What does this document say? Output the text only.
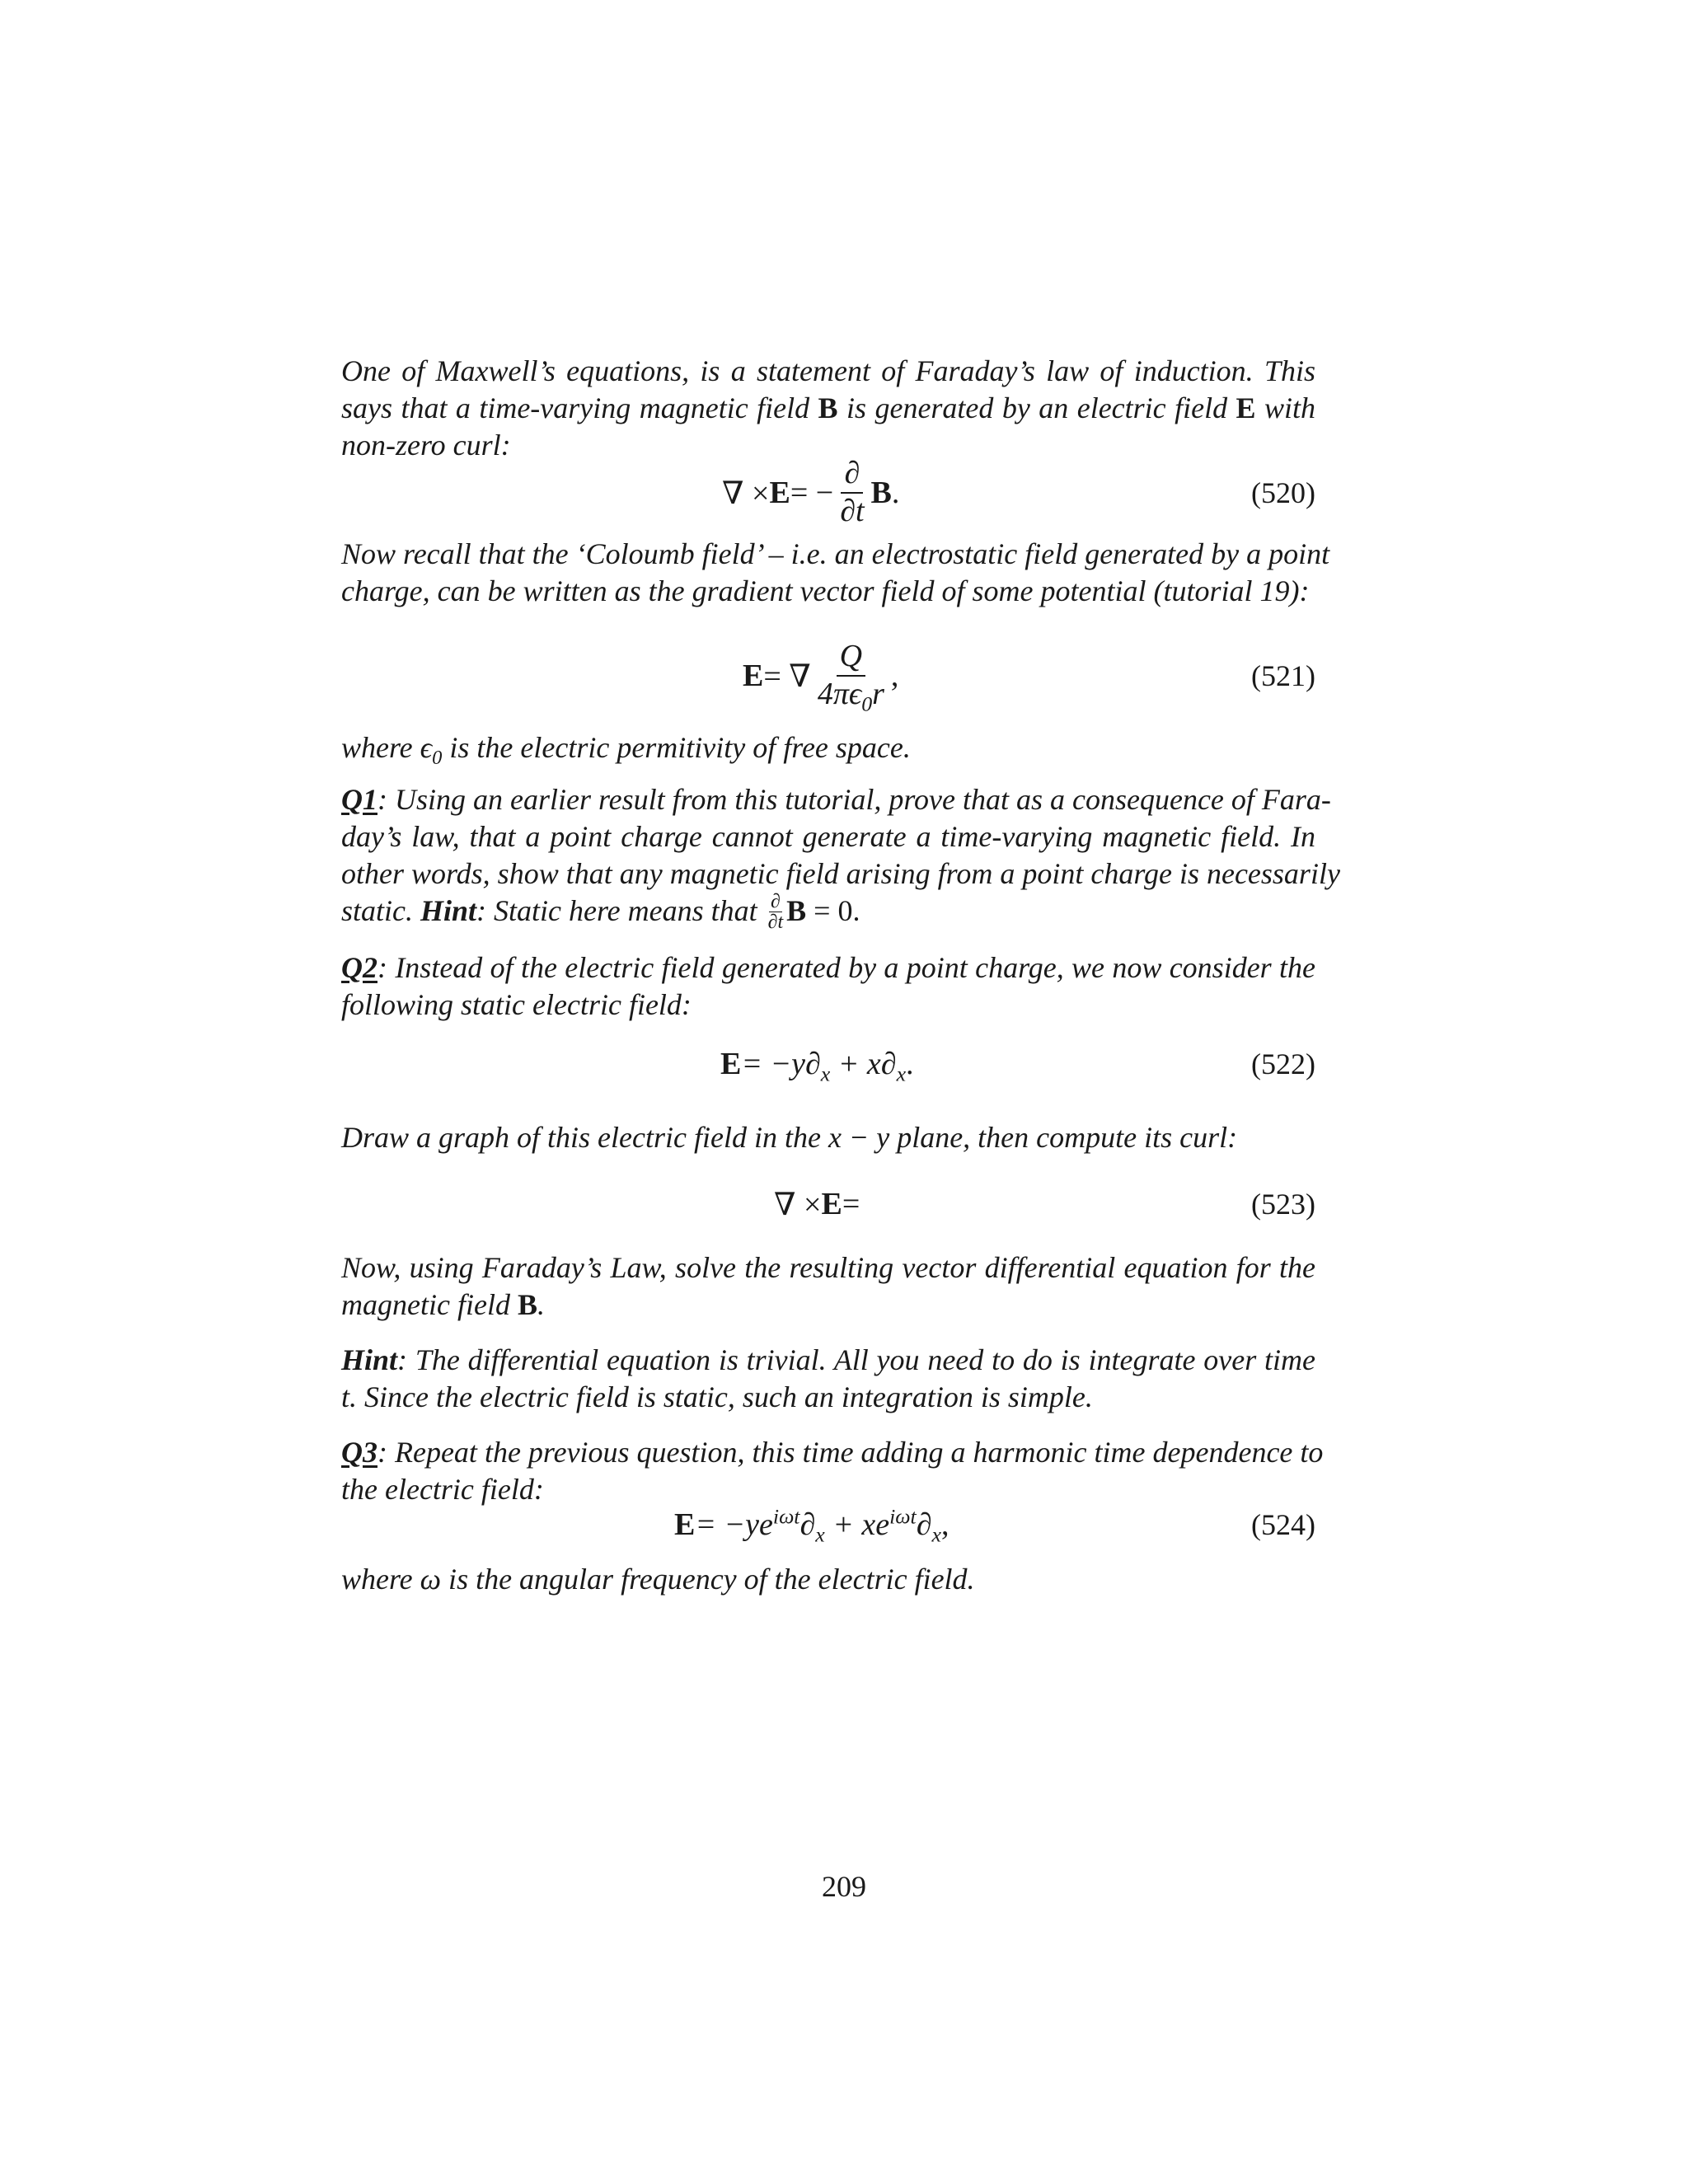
One of Maxwell’s equations, is a statement of Faraday’s law of induction. This
says that a time-varying magnetic field B is generated by an electric field E with
non-zero curl:
∇ × E = − $\frac{\partial}{\partial t}$ B .	(520)
Now recall that the ‘Coloumb field’ – i.e. an electrostatic field generated by a point
charge, can be written as the gradient vector field of some potential (tutorial 19):
E = ∇ $\frac{Q}{4\pi\epsilon_0r}$ ,	(521)
where $\epsilon_0$ is the electric permitivity of free space.
Q1: Using an earlier result from this tutorial, prove that as a consequence of Fara-
day’s law, that a point charge cannot generate a time-varying magnetic field. In
other words, show that any magnetic field arising from a point charge is necessarily
static. Hint: Static here means that $\frac{\partial}{\partial t}$ B = 0.
Q2: Instead of the electric field generated by a point charge, we now consider the
following static electric field:
$E = -y\partial_x + x\partial_x$.	(522)
Draw a graph of this electric field in the x − y plane, then compute its curl:
∇ × E =	(523)
Now, using Faraday’s Law, solve the resulting vector differential equation for the
magnetic field B.
Hint: The differential equation is trivial. All you need to do is integrate over time
t. Since the electric field is static, such an integration is simple.
Q3: Repeat the previous question, this time adding a harmonic time dependence to
the electric field:
$E = -ye^{i\omega t}\partial_x + xe^{i\omega t}\partial_x$,	(524)
where ω is the angular frequency of the electric field.
209
